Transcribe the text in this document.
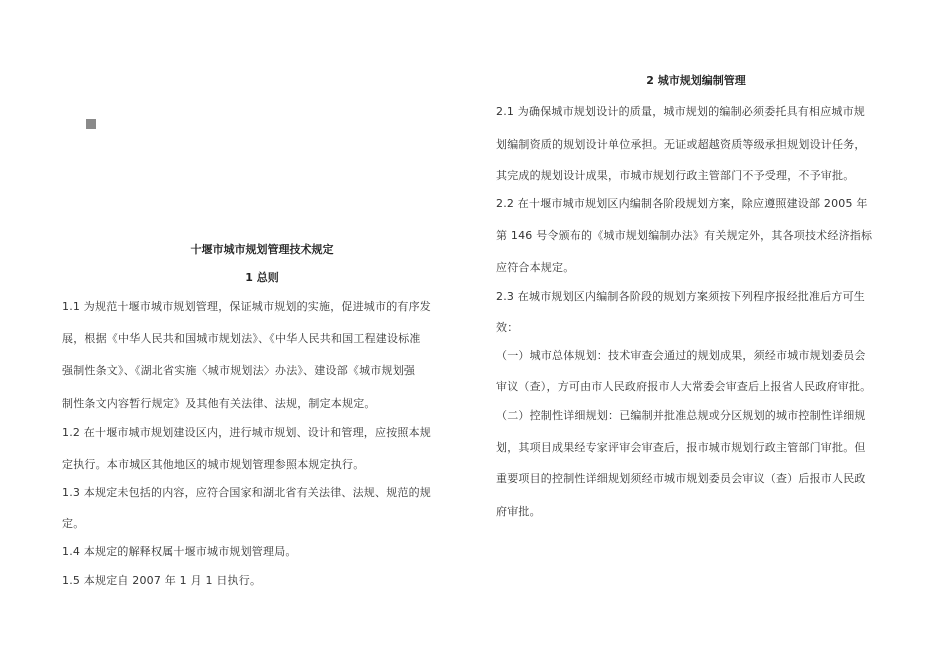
十堰市城市规划管理技术规定
1 总则
1.1 为规范十堰市城市规划管理，保证城市规划的实施，促进城市的有序发
展，根据《中华人民共和国城市规划法》、《中华人民共和国工程建设标准
强制性条文》、《湖北省实施〈城市规划法〉办法》、建设部《城市规划强
制性条文内容暂行规定》及其他有关法律、法规，制定本规定。
1.2 在十堰市城市规划建设区内，进行城市规划、设计和管理，应按照本规
定执行。本市城区其他地区的城市规划管理参照本规定执行。
1.3 本规定未包括的内容，应符合国家和湖北省有关法律、法规、规范的规
定。
1.4 本规定的解释权属十堰市城市规划管理局。
1.5 本规定自 2007 年 1 月 1 日执行。
2 城市规划编制管理
2.1 为确保城市规划设计的质量，城市规划的编制必须委托具有相应城市规
划编制资质的规划设计单位承担。无证或超越资质等级承担规划设计任务，
其完成的规划设计成果，市城市规划行政主管部门不予受理，不予审批。
2.2 在十堰市城市规划区内编制各阶段规划方案，除应遵照建设部 2005 年
第 146 号令颁布的《城市规划编制办法》有关规定外，其各项技术经济指标
应符合本规定。
2.3 在城市规划区内编制各阶段的规划方案须按下列程序报经批准后方可生
效：
（一）城市总体规划：技术审查会通过的规划成果，须经市城市规划委员会
审议（查），方可由市人民政府报市人大常委会审查后上报省人民政府审批。
（二）控制性详细规划：已编制并批准总规或分区规划的城市控制性详细规
划，其项目成果经专家评审会审查后，报市城市规划行政主管部门审批。但
重要项目的控制性详细规划须经市城市规划委员会审议（查）后报市人民政
府审批。
